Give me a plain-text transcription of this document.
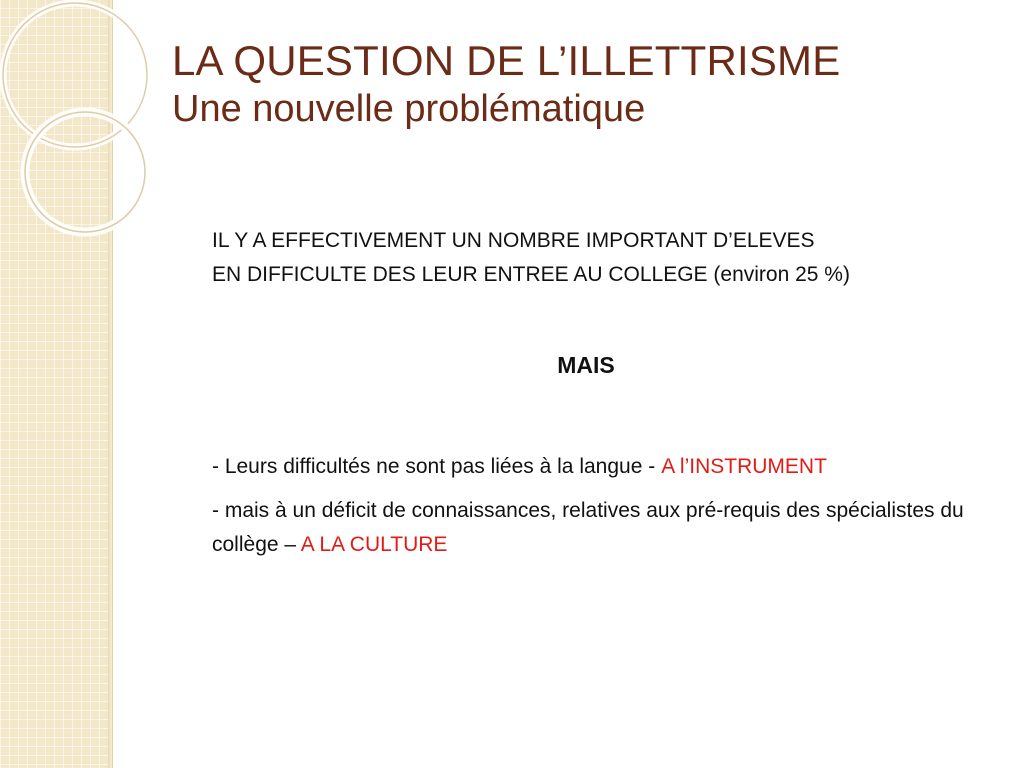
LA QUESTION DE L’ILLETTRISME
Une nouvelle problématique
IL Y A EFFECTIVEMENT UN NOMBRE IMPORTANT D’ELEVES
EN DIFFICULTE DES LEUR ENTREE AU COLLEGE (environ 25 %)
MAIS
- Leurs difficultés ne sont pas liées à la langue - A l’INSTRUMENT
- mais à un déficit de connaissances, relatives aux pré-requis des spécialistes du collège – A LA CULTURE
